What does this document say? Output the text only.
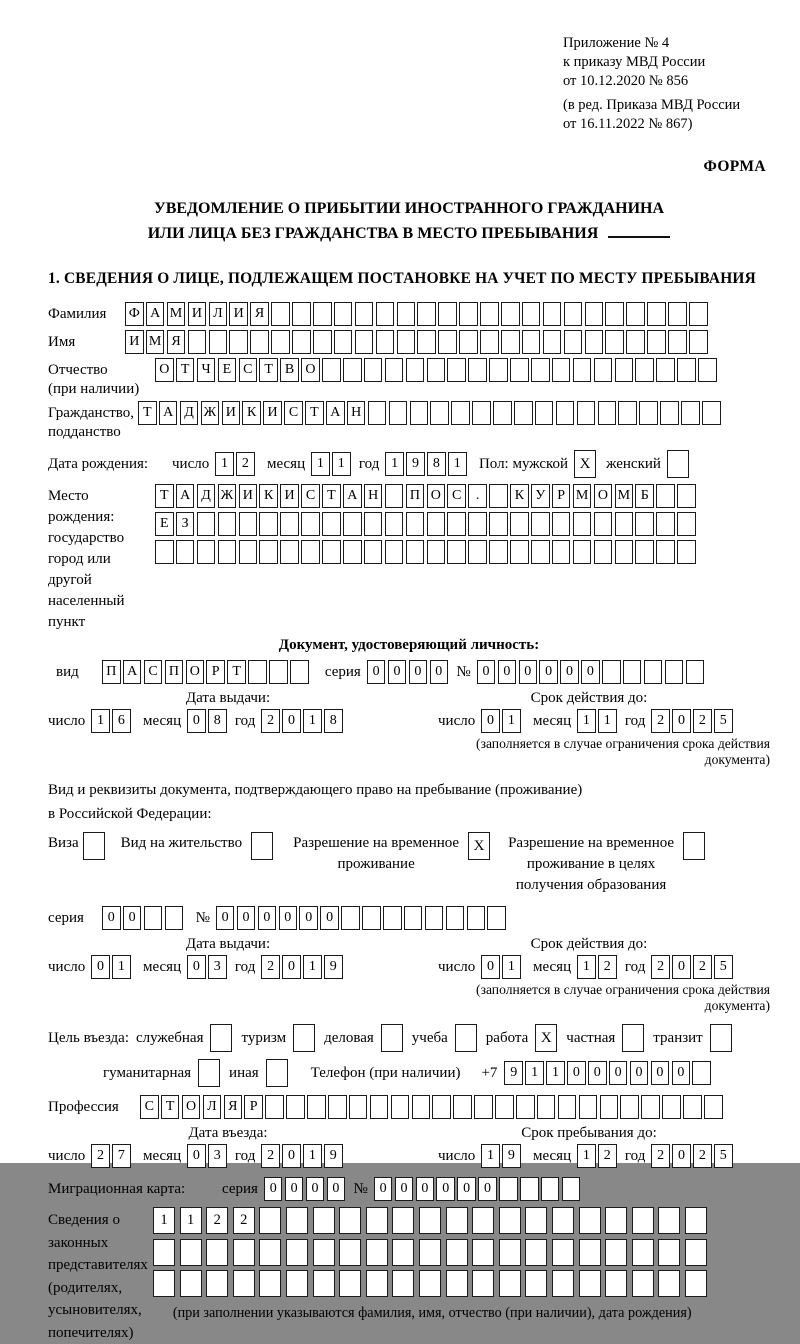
Приложение № 4
к приказу МВД России
от 10.12.2020 № 856
(в ред. Приказа МВД России
от 16.11.2022 № 867)
ФОРМА
УВЕДОМЛЕНИЕ О ПРИБЫТИИ ИНОСТРАННОГО ГРАЖДАНИНА
ИЛИ ЛИЦА БЕЗ ГРАЖДАНСТВА В МЕСТО ПРЕБЫВАНИЯ
1. СВЕДЕНИЯ О ЛИЦЕ, ПОДЛЕЖАЩЕМ ПОСТАНОВКЕ НА УЧЕТ ПО МЕСТУ ПРЕБЫВАНИЯ
Фамилия	Ф А М И Л И Я
Имя	И М Я
Отчество
(при наличии)
О Т Ч Е С Т В О
Гражданство,
подданство
Т А Д Ж И К И С Т А Н
Дата рождения:	число 1 2	месяц 1 1 год 1 9 8 1	Пол: мужской X	женский
Место рождения:
государство
город или другой
населенный пункт
Т А Д Ж И К И С Т А Н П О С	.	К У Р М О М Б
Е З
Документ, удостоверяющий личность:
вид	П А С П О Р Т	серия 0 0 0 0 № 0 0 0 0 0 0
Дата выдачи:
число 1 6	месяц 0 8 год 2 0 1 8
Срок действия до:
число 0 1	месяц 1 1 год 2 0 2 5
(заполняется в случае ограничения срока действия документа)
Вид и реквизиты документа, подтверждающего право на пребывание (проживание)
в Российской Федерации:
Виза	Вид на жительство	Разрешение на временное
проживание
X	Разрешение на временное
проживание в целях
получения образования
серия	0 0	№ 0 0 0 0 0 0
Дата выдачи:
число 0 1	месяц 0 3 год 2 0 1 9
Срок действия до:
число 0 1	месяц 1 2 год 2 0 2 5
(заполняется в случае ограничения срока действия документа)
Цель въезда: служебная	туризм	деловая	учеба	работа X частная	транзит
гуманитарная	иная	Телефон (при наличии)	+7 9 1 1 0 0 0 0 0 0
Профессия	С Т О Л Я Р
Дата въезда:
число 2 7	месяц 0 3 год 2 0 1 9
Срок пребывания до:
число 1 9	месяц 1 2 год 2 0 2 5
Миграционная карта:	серия 0 0 0 0 № 0 0 0 0 0 0
Сведения о
законных
представителях
(родителях,
усыновителях,
попечителях)
1	1	2	2
(при заполнении указываются фамилия, имя, отчество (при наличии), дата рождения)
